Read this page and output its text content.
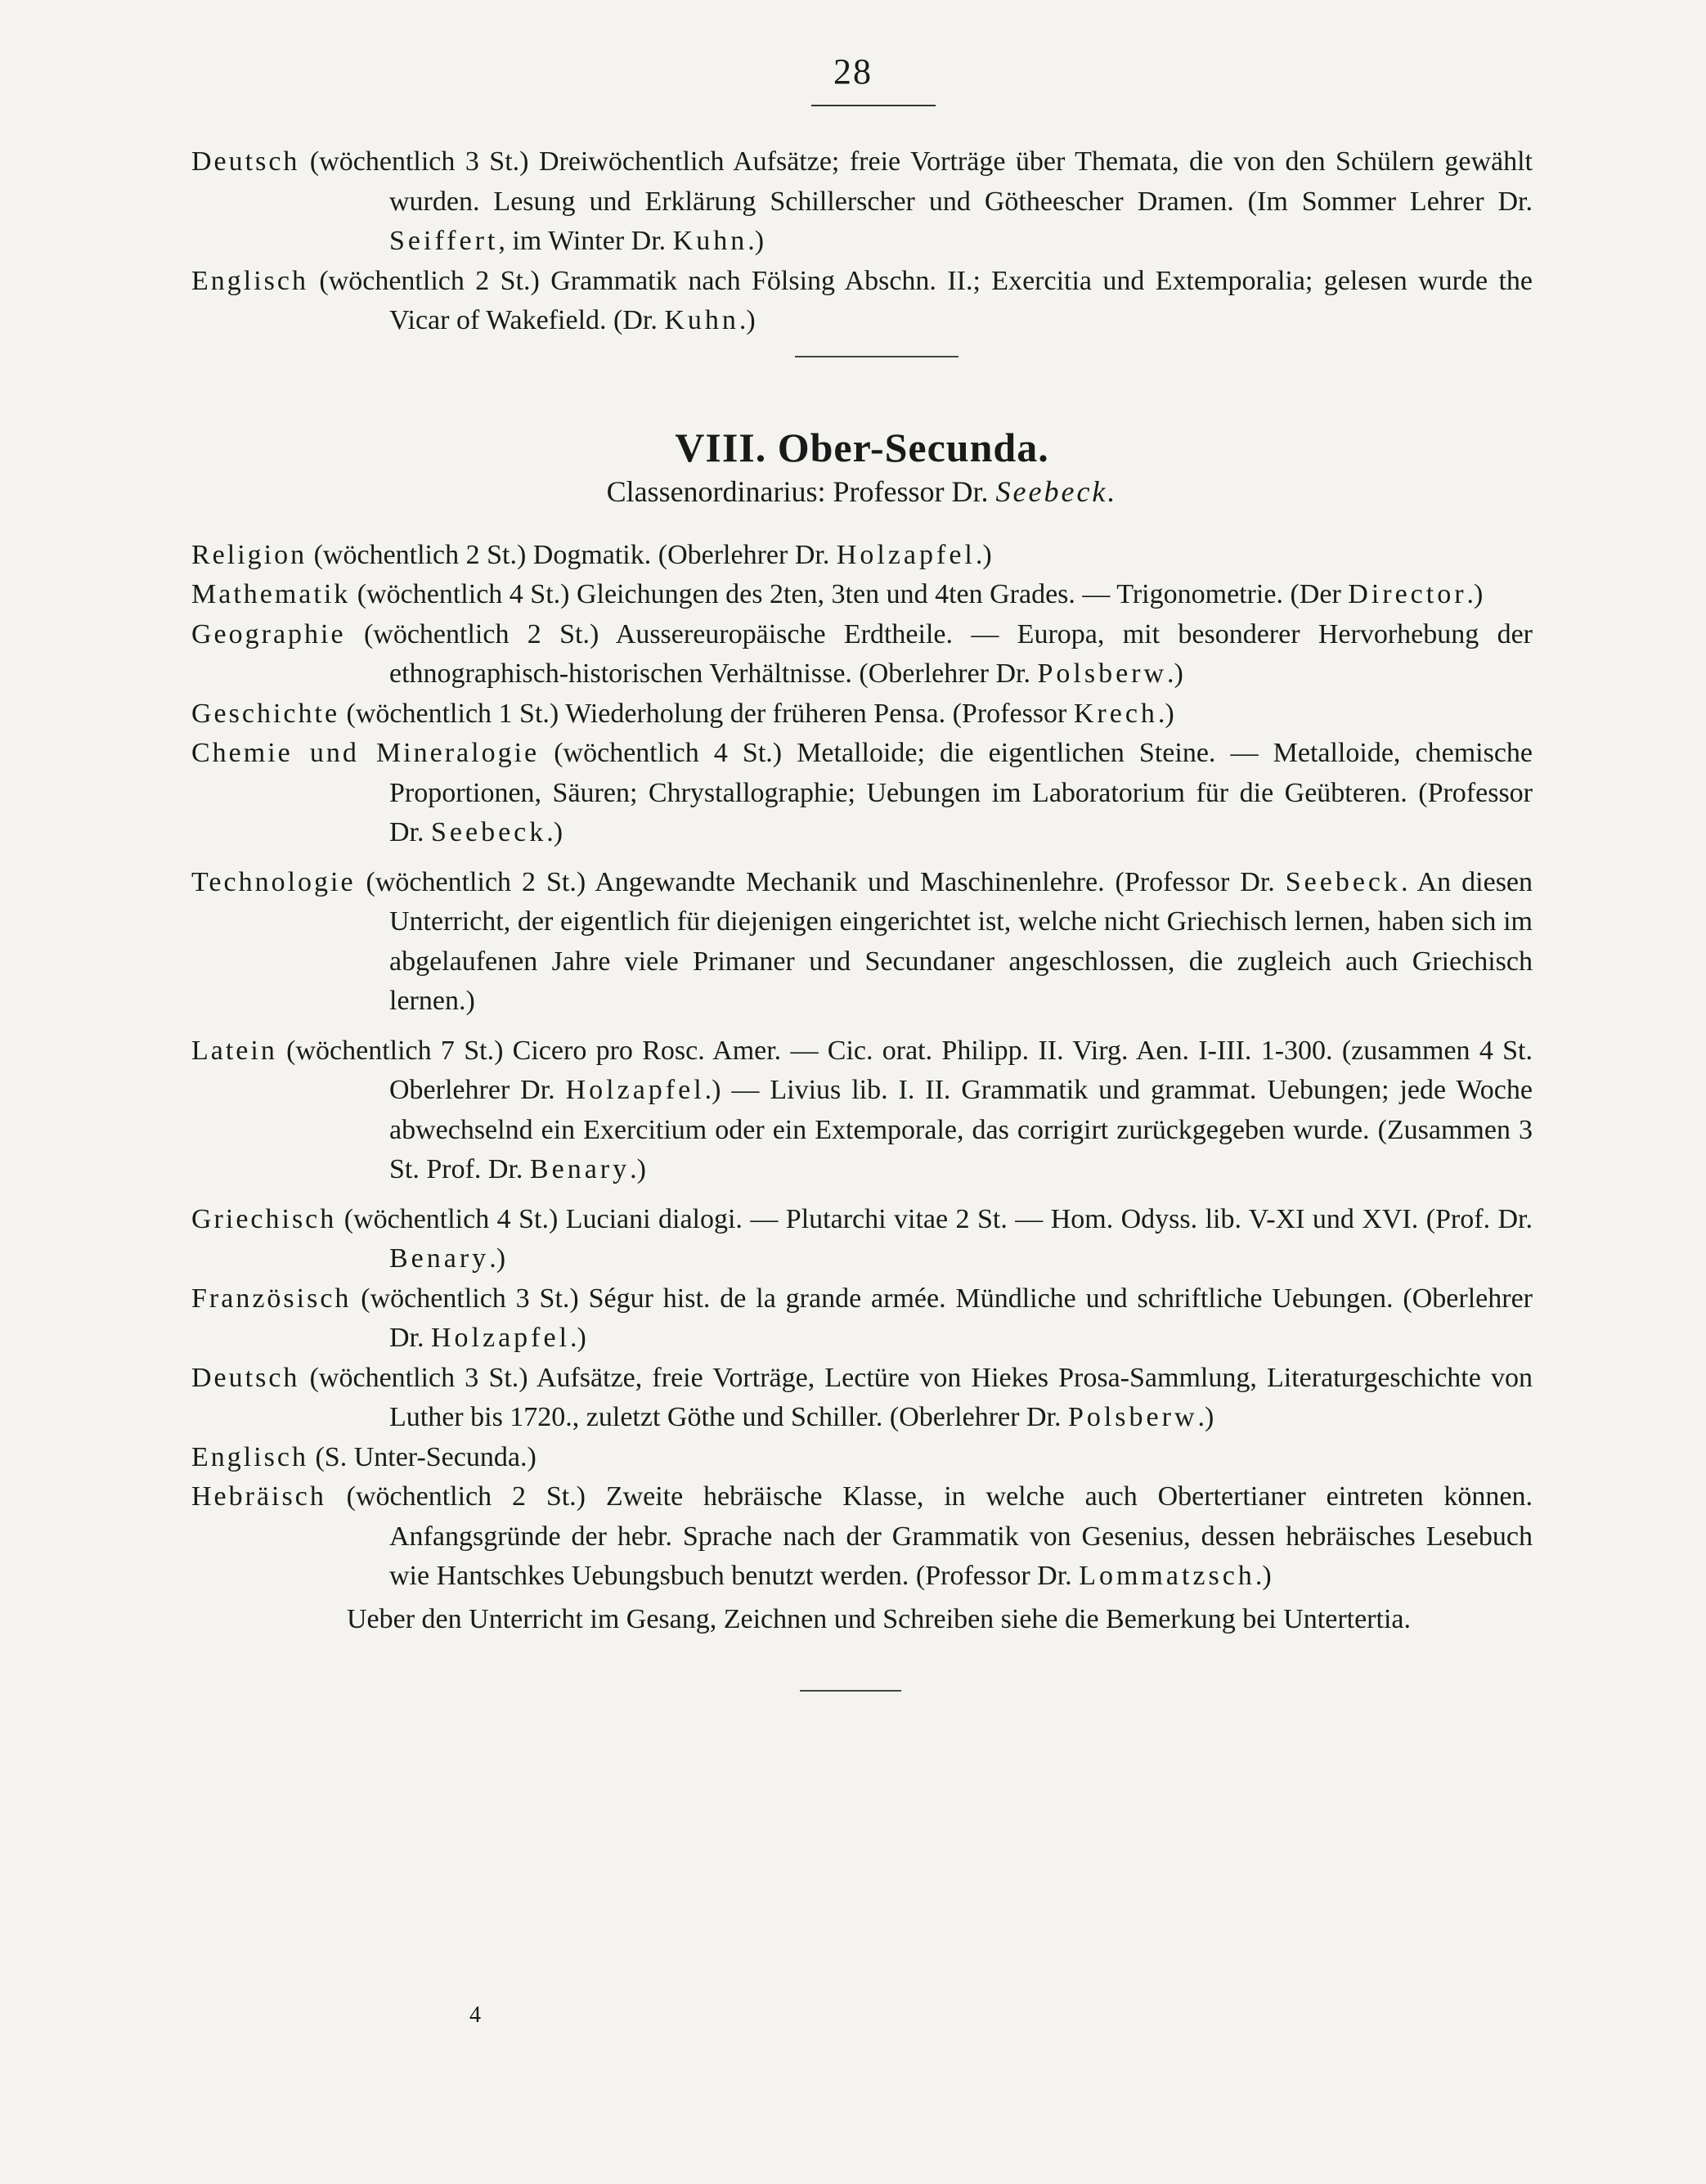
28

Deutsch (wöchentlich 3 St.) Dreiwöchentlich Aufsätze; freie Vorträge über Themata, die von den Schülern gewählt wurden. Lesung und Erklärung Schillerscher und Götheescher Dramen. (Im Sommer Lehrer Dr. Seiffert, im Winter Dr. Kuhn.)

Englisch (wöchentlich 2 St.) Grammatik nach Fölsing Abschn. II.; Exercitia und Extemporalia; gelesen wurde the Vicar of Wakefield. (Dr. Kuhn.)

VIII. Ober-Secunda.
Classenordinarius: Professor Dr. Seebeck.

Religion (wöchentlich 2 St.) Dogmatik. (Oberlehrer Dr. Holzapfel.)

Mathematik (wöchentlich 4 St.) Gleichungen des 2ten, 3ten und 4ten Grades. — Trigonometrie. (Der Director.)

Geographie (wöchentlich 2 St.) Aussereuropäische Erdtheile. — Europa, mit besonderer Hervorhebung der ethnographisch-historischen Verhältnisse. (Oberlehrer Dr. Polsberw.)

Geschichte (wöchentlich 1 St.) Wiederholung der früheren Pensa. (Professor Krech.)

Chemie und Mineralogie (wöchentlich 4 St.) Metalloide; die eigentlichen Steine. — Metalloide, chemische Proportionen, Säuren; Chrystallographie; Uebungen im Laboratorium für die Geübteren. (Professor Dr. Seebeck.)

Technologie (wöchentlich 2 St.) Angewandte Mechanik und Maschinenlehre. (Professor Dr. Seebeck. An diesen Unterricht, der eigentlich für diejenigen eingerichtet ist, welche nicht Griechisch lernen, haben sich im abgelaufenen Jahre viele Primaner und Secundaner angeschlossen, die zugleich auch Griechisch lernen.)

Latein (wöchentlich 7 St.) Cicero pro Rosc. Amer. — Cic. orat. Philipp. II. Virg. Aen. I-III. 1-300. (zusammen 4 St. Oberlehrer Dr. Holzapfel.) — Livius lib. I. II. Grammatik und grammat. Uebungen; jede Woche abwechselnd ein Exercitium oder ein Extemporale, das corrigirt zurückgegeben wurde. (Zusammen 3 St. Prof. Dr. Benary.)

Griechisch (wöchentlich 4 St.) Luciani dialogi. — Plutarchi vitae 2 St. — Hom. Odyss. lib. V-XI und XVI. (Prof. Dr. Benary.)

Französisch (wöchentlich 3 St.) Ségur hist. de la grande armée. Mündliche und schriftliche Uebungen. (Oberlehrer Dr. Holzapfel.)

Deutsch (wöchentlich 3 St.) Aufsätze, freie Vorträge, Lectüre von Hiekes Prosa-Sammlung, Literaturgeschichte von Luther bis 1720., zuletzt Göthe und Schiller. (Oberlehrer Dr. Polsberw.)

Englisch (S. Unter-Secunda.)

Hebräisch (wöchentlich 2 St.) Zweite hebräische Klasse, in welche auch Obertertianer eintreten können. Anfangsgründe der hebr. Sprache nach der Grammatik von Gesenius, dessen hebräisches Lesebuch wie Hantschkes Uebungsbuch benutzt werden. (Professor Dr. Lommatzsch.)

Ueber den Unterricht im Gesang, Zeichnen und Schreiben siehe die Bemerkung bei Untertertia.

4
